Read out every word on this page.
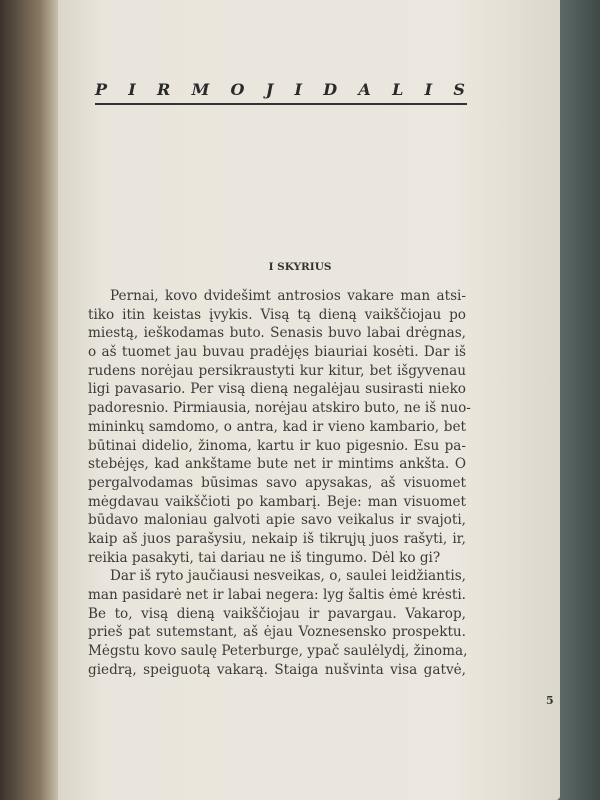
P I R M O J I D A L I S
I SKYRIUS
Pernai, kovo dvidešimt antrosios vakare man atsi-
tiko itin keistas įvykis. Visą tą dieną vaikščiojau po
miestą, ieškodamas buto. Senasis buvo labai drėgnas,
o aš tuomet jau buvau pradėjęs biauriai kosėti. Dar iš
rudens norėjau persikraustyti kur kitur, bet išgyvenau
ligi pavasario. Per visą dieną negalėjau susirasti nieko
padoresnio. Pirmiausia, norėjau atskiro buto, ne iš nuo-
mininkų samdomo, o antra, kad ir vieno kambario, bet
būtinai didelio, žinoma, kartu ir kuo pigesnio. Esu pa-
stebėjęs, kad ankštame bute net ir mintims ankšta. O
pergalvodamas būsimas savo apysakas, aš visuomet
mėgdavau vaikščioti po kambarį. Beje: man visuomet
būdavo maloniau galvoti apie savo veikalus ir svajoti,
kaip aš juos parašysiu, nekaip iš tikrųjų juos rašyti, ir,
reikia pasakyti, tai dariau ne iš tingumo. Dėl ko gi?
Dar iš ryto jaučiausi nesveikas, o, saulei leidžiantis,
man pasidarė net ir labai negera: lyg šaltis ėmė krėsti.
Be to, visą dieną vaikščiojau ir pavargau. Vakarop,
prieš pat sutemstant, aš ėjau Voznesensko prospektu.
Mėgstu kovo saulę Peterburge, ypač saulėlydį, žinoma,
giedrą, speiguotą vakarą. Staiga nušvinta visa gatvė,
5
